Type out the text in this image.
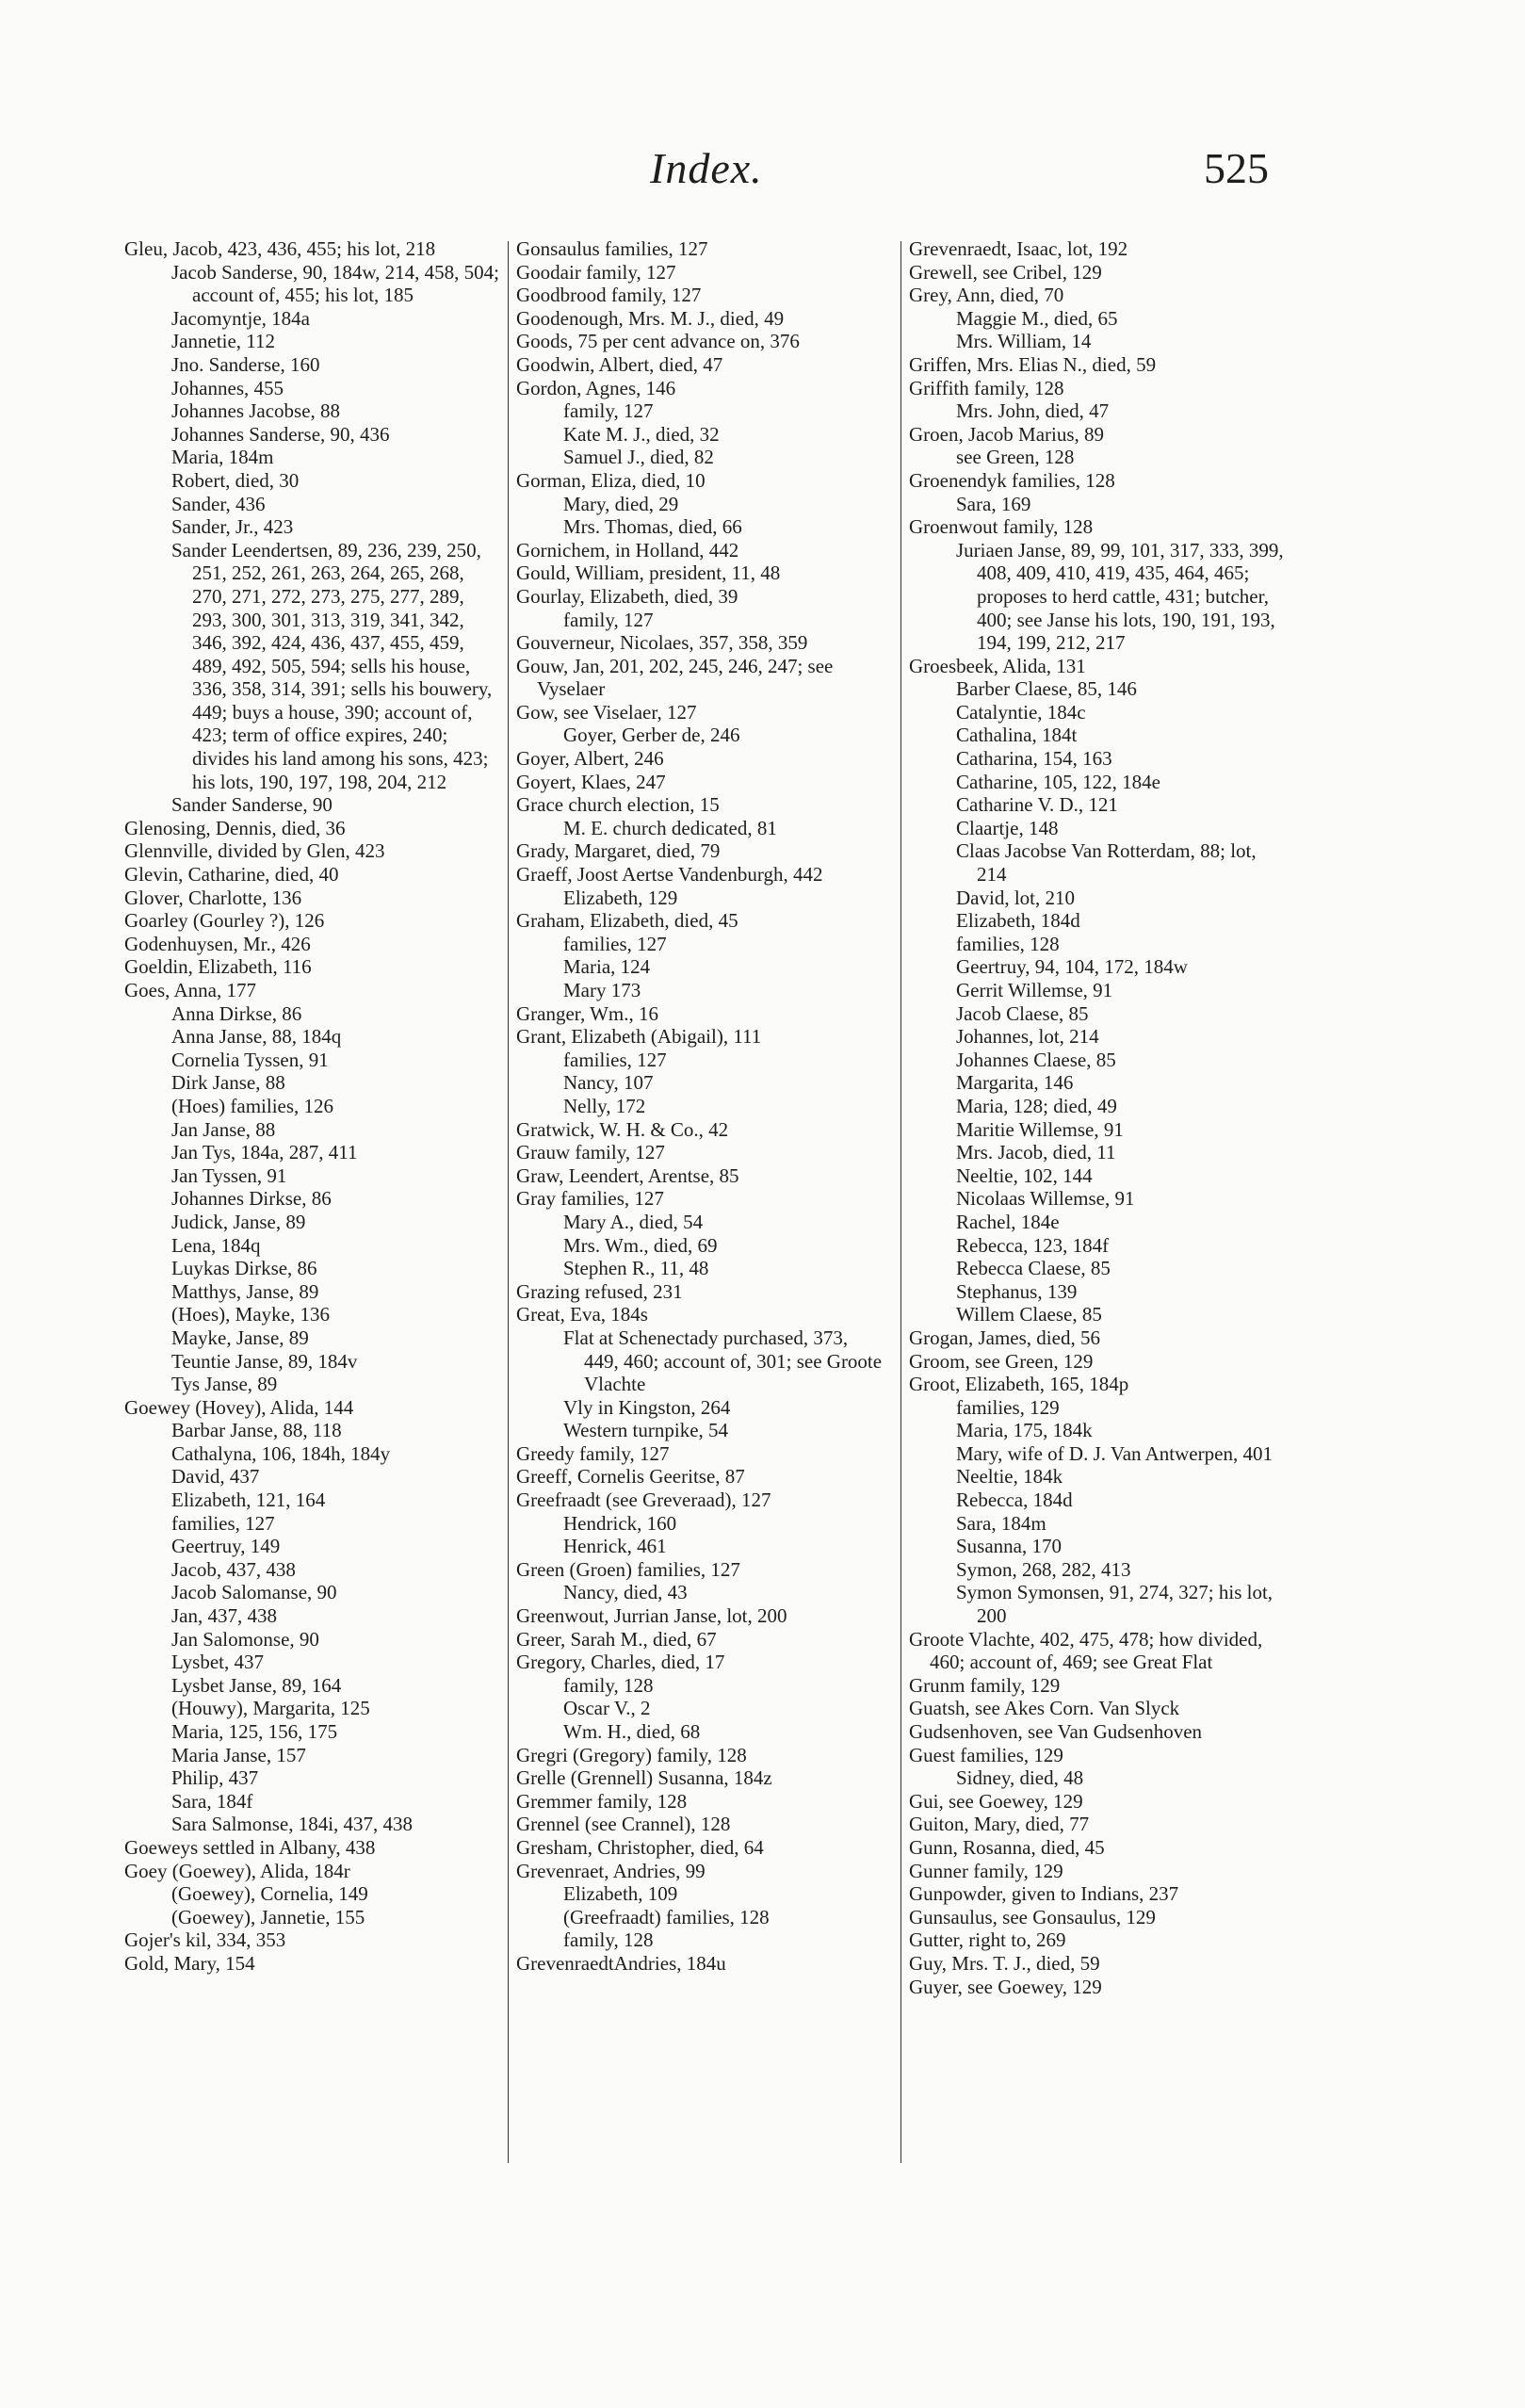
Index.	525
Gleu, Jacob, 423, 436, 455; his lot, 218
Jacob Sanderse, 90, 184w, 214, 458, 504; account of, 455; his lot, 185
Jacomyntje, 184a
Jannetie, 112
Jno. Sanderse, 160
Johannes, 455
Johannes Jacobse, 88
Johannes Sanderse, 90, 436
Maria, 184m
Robert, died, 30
Sander, 436
Sander, Jr., 423
Sander Leendertsen, 89, 236, 239, 250, 251, 252, 261, 263, 264, 265, 268, 270, 271, 272, 273, 275, 277, 289, 293, 300, 301, 313, 319, 341, 342, 346, 392, 424, 436, 437, 455, 459, 489, 492, 505, 594; sells his house, 336, 358, 314, 391; sells his bouwery, 449; buys a house, 390; account of, 423; term of office expires, 240; divides his land among his sons, 423; his lots, 190, 197, 198, 204, 212
Sander Sanderse, 90
Glenosing, Dennis, died, 36
Glennville, divided by Glen, 423
Glevin, Catharine, died, 40
Glover, Charlotte, 136
Goarley (Gourley ?), 126
Godenhuysen, Mr., 426
Goeldin, Elizabeth, 116
Goes, Anna, 177
Anna Dirkse, 86
Anna Janse, 88, 184q
Cornelia Tyssen, 91
Dirk Janse, 88
(Hoes) families, 126
Jan Janse, 88
Jan Tys, 184a, 287, 411
Jan Tyssen, 91
Johannes Dirkse, 86
Judick, Janse, 89
Lena, 184q
Luykas Dirkse, 86
Matthys, Janse, 89
(Hoes), Mayke, 136
Mayke, Janse, 89
Teuntie Janse, 89, 184v
Tys Janse, 89
Goewey (Hovey), Alida, 144
Barbar Janse, 88, 118
Cathalyna, 106, 184h, 184y
David, 437
Elizabeth, 121, 164
families, 127
Geertruy, 149
Jacob, 437, 438
Jacob Salomanse, 90
Jan, 437, 438
Jan Salomonse, 90
Lysbet, 437
Lysbet Janse, 89, 164
(Houwy), Margarita, 125
Maria, 125, 156, 175
Maria Janse, 157
Philip, 437
Sara, 184f
Sara Salmonse, 184i, 437, 438
Goeweys settled in Albany, 438
Goey (Goewey), Alida, 184r
(Goewey), Cornelia, 149
(Goewey), Jannetie, 155
Gojer's kil, 334, 353
Gold, Mary, 154
Gonsaulus families, 127
Goodair family, 127
Goodbrood family, 127
Goodenough, Mrs. M. J., died, 49
Goods, 75 per cent advance on, 376
Goodwin, Albert, died, 47
Gordon, Agnes, 146
family, 127
Kate M. J., died, 32
Samuel J., died, 82
Gorman, Eliza, died, 10
Mary, died, 29
Mrs. Thomas, died, 66
Gornichem, in Holland, 442
Gould, William, president, 11, 48
Gourlay, Elizabeth, died, 39
family, 127
Gouverneur, Nicolaes, 357, 358, 359
Gouw, Jan, 201, 202, 245, 246, 247; see Vyselaer
Gow, see Viselaer, 127
Goyer, Gerber de, 246
Goyer, Albert, 246
Goyert, Klaes, 247
Grace church election, 15
M. E. church dedicated, 81
Grady, Margaret, died, 79
Graeff, Joost Aertse Vandenburgh, 442
Elizabeth, 129
Graham, Elizabeth, died, 45
families, 127
Maria, 124
Mary 173
Granger, Wm., 16
Grant, Elizabeth (Abigail), 111
families, 127
Nancy, 107
Nelly, 172
Gratwick, W. H. & Co., 42
Grauw family, 127
Graw, Leendert, Arentse, 85
Gray families, 127
Mary A., died, 54
Mrs. Wm., died, 69
Stephen R., 11, 48
Grazing refused, 231
Great, Eva, 184s
Flat at Schenectady purchased, 373, 449, 460; account of, 301; see Groote Vlachte
Vly in Kingston, 264
Western turnpike, 54
Greedy family, 127
Greeff, Cornelis Geeritse, 87
Greefraadt (see Greveraad), 127
Hendrick, 160
Henrick, 461
Green (Groen) families, 127
Nancy, died, 43
Greenwout, Jurrian Janse, lot, 200
Greer, Sarah M., died, 67
Gregory, Charles, died, 17
family, 128
Oscar V., 2
Wm. H., died, 68
Gregri (Gregory) family, 128
Grelle (Grennell) Susanna, 184z
Gremmer family, 128
Grennel (see Crannel), 128
Gresham, Christopher, died, 64
Grevenraet, Andries, 99
Elizabeth, 109
(Greefraadt) families, 128
family, 128
GrevenraedtAndries, 184u
Grevenraedt, Isaac, lot, 192
Grewell, see Cribel, 129
Grey, Ann, died, 70
Maggie M., died, 65
Mrs. William, 14
Griffen, Mrs. Elias N., died, 59
Griffith family, 128
Mrs. John, died, 47
Groen, Jacob Marius, 89
see Green, 128
Groenendyk families, 128
Sara, 169
Groenwout family, 128
Juriaen Janse, 89, 99, 101, 317, 333, 399, 408, 409, 410, 419, 435, 464, 465; proposes to herd cattle, 431; butcher, 400; see Janse his lots, 190, 191, 193, 194, 199, 212, 217
Groesbeek, Alida, 131
Barber Claese, 85, 146
Catalyntie, 184c
Cathalina, 184t
Catharina, 154, 163
Catharine, 105, 122, 184e
Catharine V. D., 121
Claartje, 148
Claas Jacobse Van Rotterdam, 88; lot, 214
David, lot, 210
Elizabeth, 184d
families, 128
Geertruy, 94, 104, 172, 184w
Gerrit Willemse, 91
Jacob Claese, 85
Johannes, lot, 214
Johannes Claese, 85
Margarita, 146
Maria, 128; died, 49
Maritie Willemse, 91
Mrs. Jacob, died, 11
Neeltie, 102, 144
Nicolaas Willemse, 91
Rachel, 184e
Rebecca, 123, 184f
Rebecca Claese, 85
Stephanus, 139
Willem Claese, 85
Grogan, James, died, 56
Groom, see Green, 129
Groot, Elizabeth, 165, 184p
families, 129
Maria, 175, 184k
Mary, wife of D. J. Van Antwerpen, 401
Neeltie, 184k
Rebecca, 184d
Sara, 184m
Susanna, 170
Symon, 268, 282, 413
Symon Symonsen, 91, 274, 327; his lot, 200
Groote Vlachte, 402, 475, 478; how divided, 460; account of, 469; see Great Flat
Grunm family, 129
Guatsh, see Akes Corn. Van Slyck
Gudsenhoven, see Van Gudsenhoven
Guest families, 129
Sidney, died, 48
Gui, see Goewey, 129
Guiton, Mary, died, 77
Gunn, Rosanna, died, 45
Gunner family, 129
Gunpowder, given to Indians, 237
Gunsaulus, see Gonsaulus, 129
Gutter, right to, 269
Guy, Mrs. T. J., died, 59
Guyer, see Goewey, 129
